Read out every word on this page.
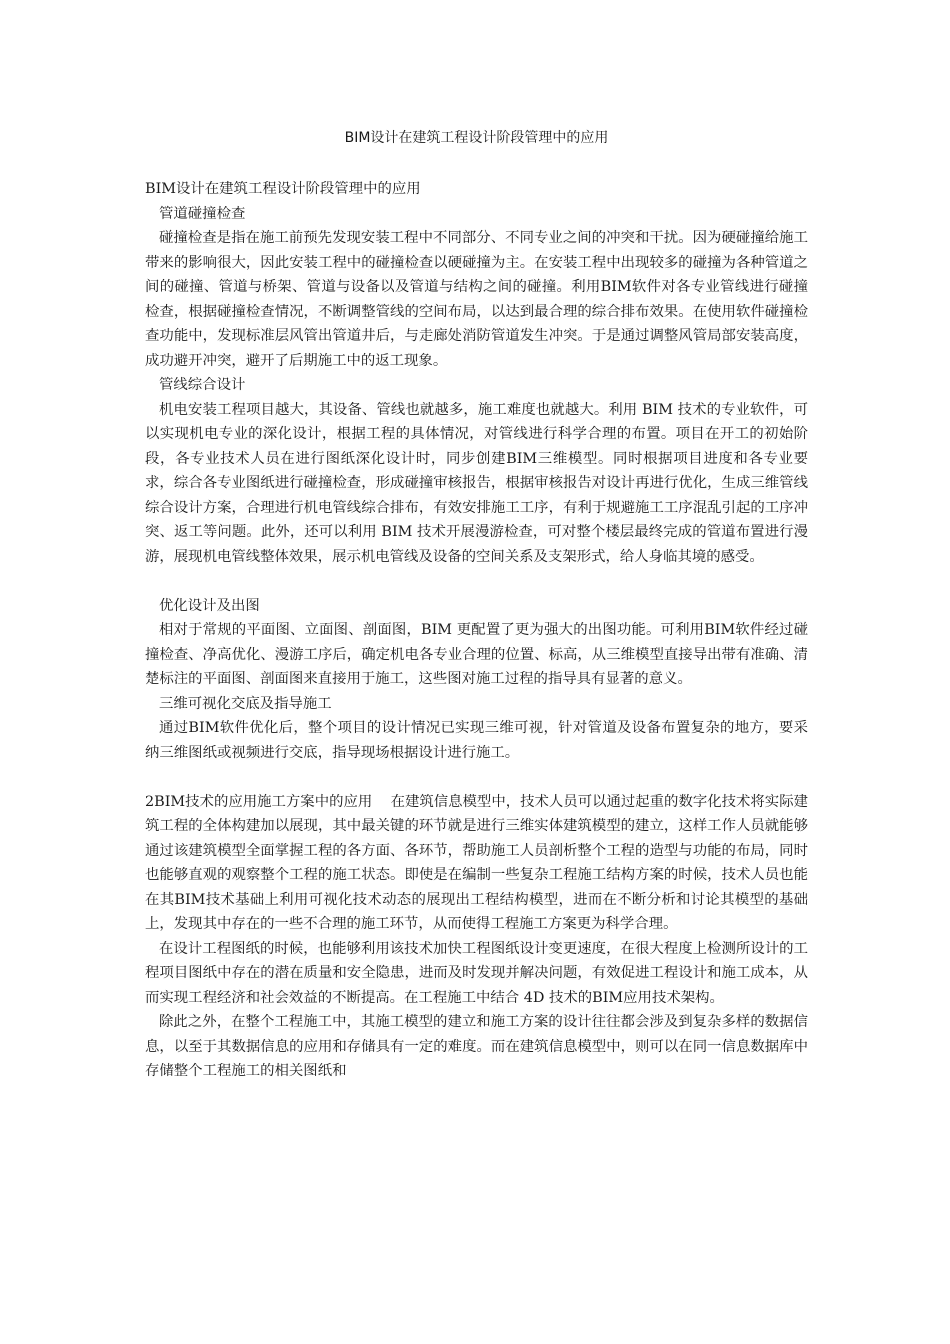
BIM设计在建筑工程设计阶段管理中的应用

BIM设计在建筑工程设计阶段管理中的应用

管道碰撞检查

碰撞检查是指在施工前预先发现安装工程中不同部分、不同专业之间的冲突和干扰。因为硬碰撞给施工带来的影响很大，因此安装工程中的碰撞检查以硬碰撞为主。在安装工程中出现较多的碰撞为各种管道之间的碰撞、管道与桥架、管道与设备以及管道与结构之间的碰撞。利用BIM软件对各专业管线进行碰撞检查，根据碰撞检查情况，不断调整管线的空间布局，以达到最合理的综合排布效果。在使用软件碰撞检查功能中，发现标准层风管出管道井后，与走廊处消防管道发生冲突。于是通过调整风管局部安装高度，成功避开冲突，避开了后期施工中的返工现象。

管线综合设计

机电安装工程项目越大，其设备、管线也就越多，施工难度也就越大。利用 BIM 技术的专业软件，可以实现机电专业的深化设计，根据工程的具体情况，对管线进行科学合理的布置。项目在开工的初始阶段，各专业技术人员在进行图纸深化设计时，同步创建BIM三维模型。同时根据项目进度和各专业要求，综合各专业图纸进行碰撞检查，形成碰撞审核报告，根据审核报告对设计再进行优化，生成三维管线综合设计方案，合理进行机电管线综合排布，有效安排施工工序，有利于规避施工工序混乱引起的工序冲突、返工等问题。此外，还可以利用 BIM 技术开展漫游检查，可对整个楼层最终完成的管道布置进行漫游，展现机电管线整体效果，展示机电管线及设备的空间关系及支架形式，给人身临其境的感受。

优化设计及出图

相对于常规的平面图、立面图、剖面图，BIM 更配置了更为强大的出图功能。可利用BIM软件经过碰撞检查、净高优化、漫游工序后，确定机电各专业合理的位置、标高，从三维模型直接导出带有准确、清楚标注的平面图、剖面图来直接用于施工，这些图对施工过程的指导具有显著的意义。

三维可视化交底及指导施工

通过BIM软件优化后，整个项目的设计情况已实现三维可视，针对管道及设备布置复杂的地方，要采纳三维图纸或视频进行交底，指导现场根据设计进行施工。

2BIM技术的应用施工方案中的应用 在建筑信息模型中，技术人员可以通过起重的数字化技术将实际建筑工程的全体构建加以展现，其中最关键的环节就是进行三维实体建筑模型的建立，这样工作人员就能够通过该建筑模型全面掌握工程的各方面、各环节，帮助施工人员剖析整个工程的造型与功能的布局，同时也能够直观的观察整个工程的施工状态。即使是在编制一些复杂工程施工结构方案的时候，技术人员也能在其BIM技术基础上利用可视化技术动态的展现出工程结构模型，进而在不断分析和讨论其模型的基础上，发现其中存在的一些不合理的施工环节，从而使得工程施工方案更为科学合理。

在设计工程图纸的时候，也能够利用该技术加快工程图纸设计变更速度，在很大程度上检测所设计的工程项目图纸中存在的潜在质量和安全隐患，进而及时发现并解决问题，有效促进工程设计和施工成本，从而实现工程经济和社会效益的不断提高。在工程施工中结合 4D 技术的BIM应用技术架构。

除此之外，在整个工程施工中，其施工模型的建立和施工方案的设计往往都会涉及到复杂多样的数据信息，以至于其数据信息的应用和存储具有一定的难度。而在建筑信息模型中，则可以在同一信息数据库中存储整个工程施工的相关图纸和
